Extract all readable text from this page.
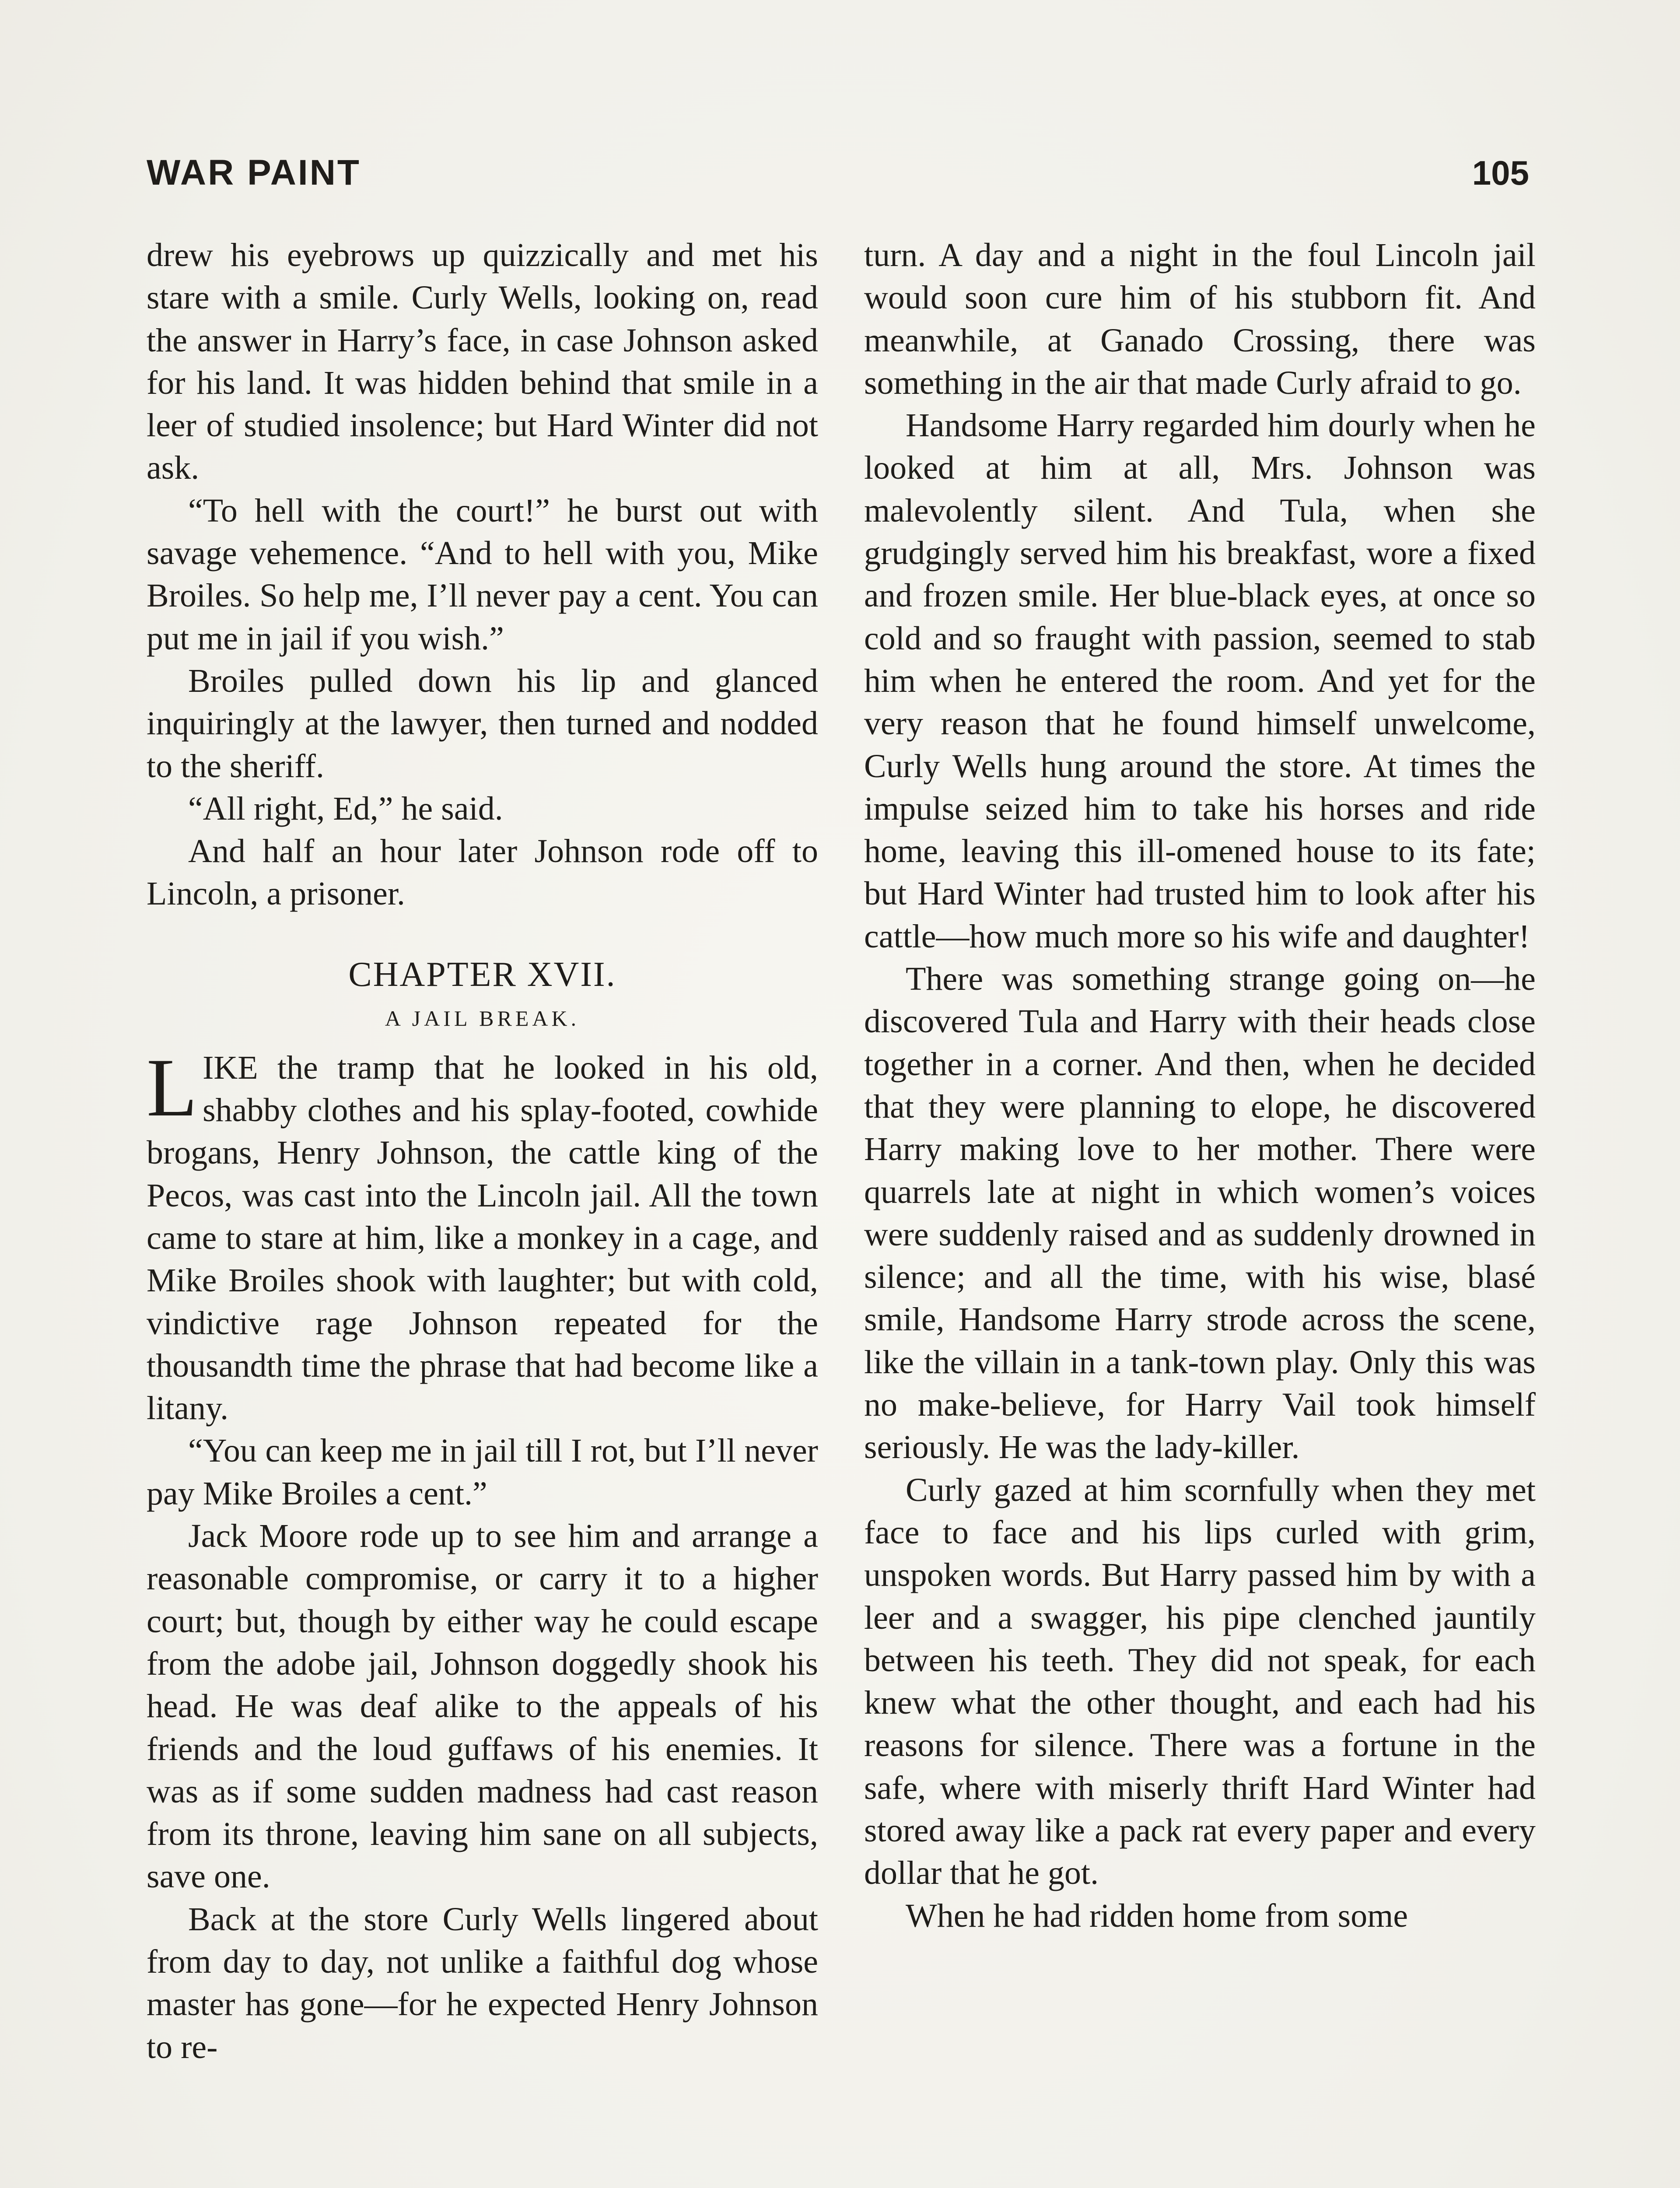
WAR PAINT	105

drew his eyebrows up quizzically and met his stare with a smile. Curly Wells, looking on, read the answer in Harry’s face, in case Johnson asked for his land. It was hidden behind that smile in a leer of studied insolence; but Hard Winter did not ask.

“To hell with the court!” he burst out with savage vehemence. “And to hell with you, Mike Broiles. So help me, I’ll never pay a cent. You can put me in jail if you wish.”

Broiles pulled down his lip and glanced inquiringly at the lawyer, then turned and nodded to the sheriff.

“All right, Ed,” he said.

And half an hour later Johnson rode off to Lincoln, a prisoner.

CHAPTER XVII.
A JAIL BREAK.

LIKE the tramp that he looked in his old, shabby clothes and his splay-footed, cowhide brogans, Henry Johnson, the cattle king of the Pecos, was cast into the Lincoln jail. All the town came to stare at him, like a monkey in a cage, and Mike Broiles shook with laughter; but with cold, vindictive rage Johnson repeated for the thousandth time the phrase that had become like a litany.

“You can keep me in jail till I rot, but I’ll never pay Mike Broiles a cent.”

Jack Moore rode up to see him and arrange a reasonable compromise, or carry it to a higher court; but, though by either way he could escape from the adobe jail, Johnson doggedly shook his head. He was deaf alike to the appeals of his friends and the loud guffaws of his enemies. It was as if some sudden madness had cast reason from its throne, leaving him sane on all subjects, save one.

Back at the store Curly Wells lingered about from day to day, not unlike a faithful dog whose master has gone—for he expected Henry Johnson to re-

turn. A day and a night in the foul Lincoln jail would soon cure him of his stubborn fit. And meanwhile, at Ganado Crossing, there was something in the air that made Curly afraid to go.

Handsome Harry regarded him dourly when he looked at him at all, Mrs. Johnson was malevolently silent. And Tula, when she grudgingly served him his breakfast, wore a fixed and frozen smile. Her blue-black eyes, at once so cold and so fraught with passion, seemed to stab him when he entered the room. And yet for the very reason that he found himself unwelcome, Curly Wells hung around the store. At times the impulse seized him to take his horses and ride home, leaving this ill-omened house to its fate; but Hard Winter had trusted him to look after his cattle—how much more so his wife and daughter!

There was something strange going on—he discovered Tula and Harry with their heads close together in a corner. And then, when he decided that they were planning to elope, he discovered Harry making love to her mother. There were quarrels late at night in which women’s voices were suddenly raised and as suddenly drowned in silence; and all the time, with his wise, blasé smile, Handsome Harry strode across the scene, like the villain in a tank-town play. Only this was no make-believe, for Harry Vail took himself seriously. He was the lady-killer.

Curly gazed at him scornfully when they met face to face and his lips curled with grim, unspoken words. But Harry passed him by with a leer and a swagger, his pipe clenched jauntily between his teeth. They did not speak, for each knew what the other thought, and each had his reasons for silence. There was a fortune in the safe, where with miserly thrift Hard Winter had stored away like a pack rat every paper and every dollar that he got.

When he had ridden home from some
